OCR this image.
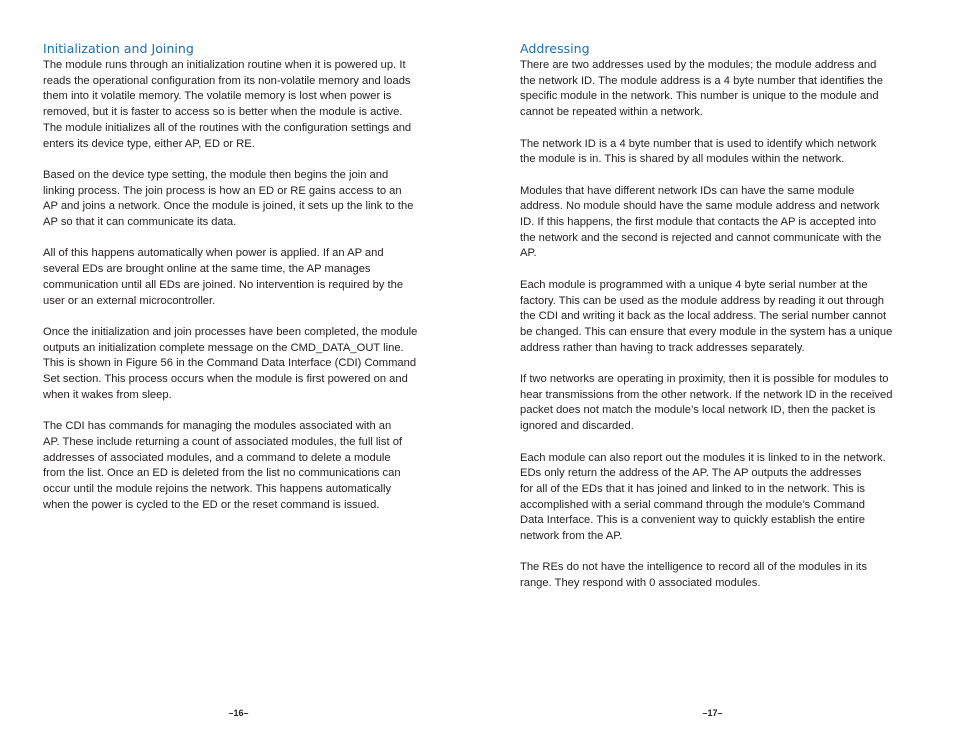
Initialization and Joining

The module runs through an initialization routine when it is powered up. It
reads the operational configuration from its non-volatile memory and loads
them into it volatile memory. The volatile memory is lost when power is
removed, but it is faster to access so is better when the module is active.
The module initializes all of the routines with the configuration settings and
enters its device type, either AP, ED or RE.

Based on the device type setting, the module then begins the join and
linking process. The join process is how an ED or RE gains access to an
AP and joins a network. Once the module is joined, it sets up the link to the
AP so that it can communicate its data.

All of this happens automatically when power is applied. If an AP and
several EDs are brought online at the same time, the AP manages
communication until all EDs are joined. No intervention is required by the
user or an external microcontroller.

Once the initialization and join processes have been completed, the module
outputs an initialization complete message on the CMD_DATA_OUT line.
This is shown in Figure 56 in the Command Data Interface (CDI) Command
Set section. This process occurs when the module is first powered on and
when it wakes from sleep.

The CDI has commands for managing the modules associated with an
AP. These include returning a count of associated modules, the full list of
addresses of associated modules, and a command to delete a module
from the list. Once an ED is deleted from the list no communications can
occur until the module rejoins the network. This happens automatically
when the power is cycled to the ED or the reset command is issued.

–16–
Addressing

There are two addresses used by the modules; the module address and
the network ID. The module address is a 4 byte number that identifies the
specific module in the network. This number is unique to the module and
cannot be repeated within a network.

The network ID is a 4 byte number that is used to identify which network
the module is in. This is shared by all modules within the network.

Modules that have different network IDs can have the same module
address. No module should have the same module address and network
ID. If this happens, the first module that contacts the AP is accepted into
the network and the second is rejected and cannot communicate with the
AP.

Each module is programmed with a unique 4 byte serial number at the
factory. This can be used as the module address by reading it out through
the CDI and writing it back as the local address. The serial number cannot
be changed. This can ensure that every module in the system has a unique
address rather than having to track addresses separately.

If two networks are operating in proximity, then it is possible for modules to
hear transmissions from the other network. If the network ID in the received
packet does not match the module’s local network ID, then the packet is
ignored and discarded.

Each module can also report out the modules it is linked to in the network.
EDs only return the address of the AP. The AP outputs the addresses
for all of the EDs that it has joined and linked to in the network. This is
accomplished with a serial command through the module’s Command
Data Interface. This is a convenient way to quickly establish the entire
network from the AP.

The REs do not have the intelligence to record all of the modules in its
range. They respond with 0 associated modules.

–17–
